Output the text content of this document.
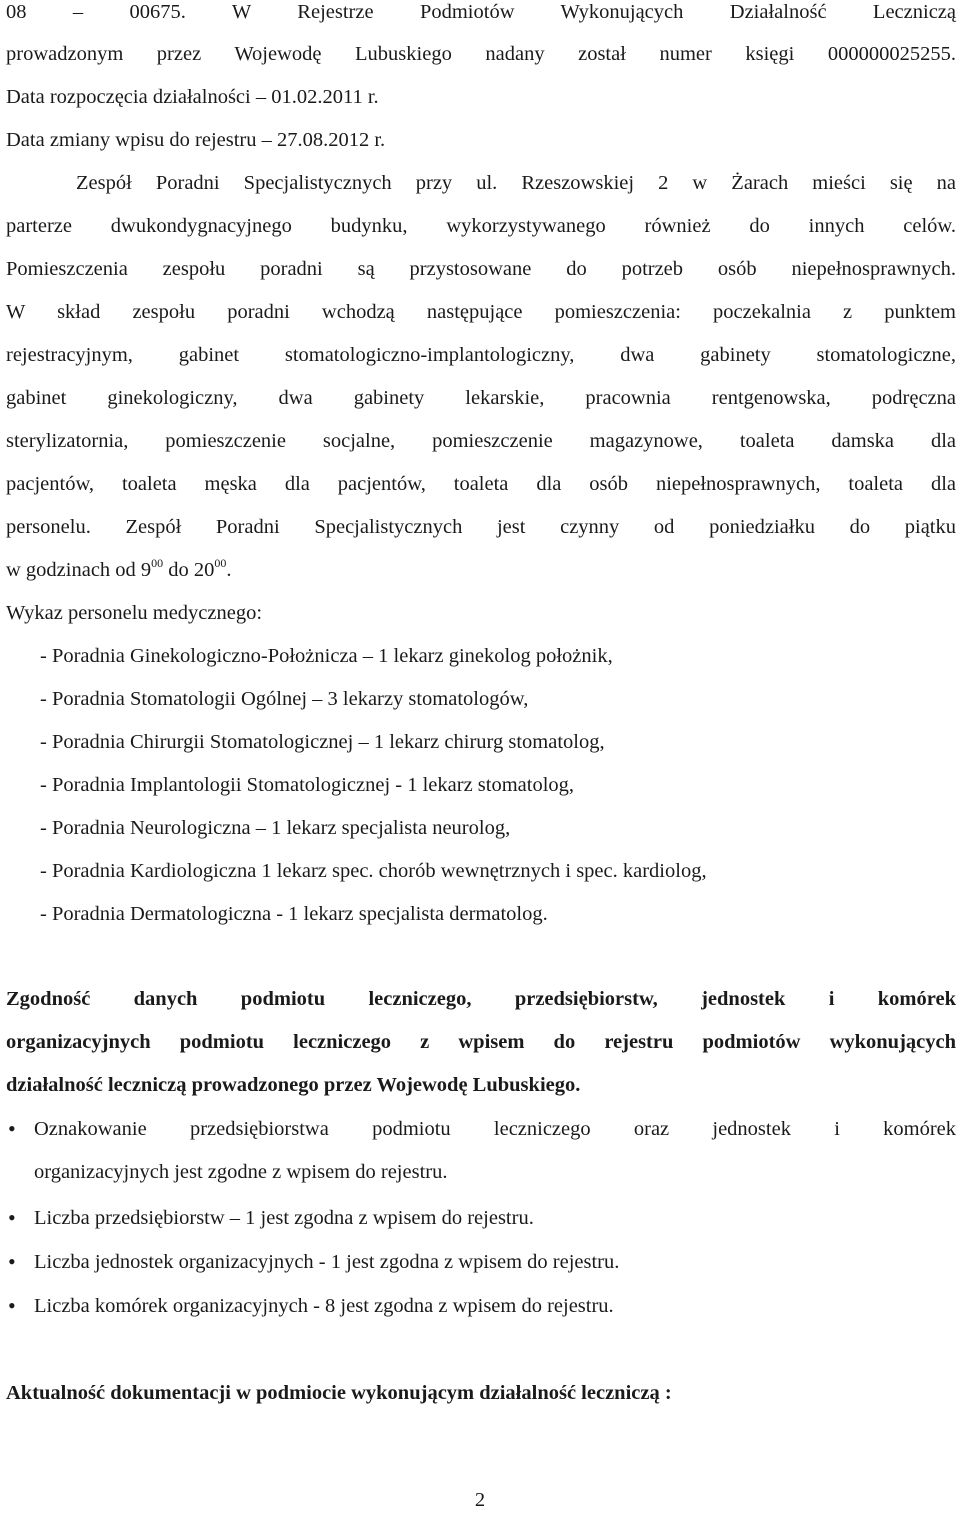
08 – 00675. W Rejestrze Podmiotów Wykonujących Działalność Leczniczą
prowadzonym przez Wojewodę Lubuskiego nadany został numer księgi 000000025255.
Data rozpoczęcia działalności – 01.02.2011 r.
Data zmiany wpisu do rejestru – 27.08.2012 r.
Zespół Poradni Specjalistycznych przy ul. Rzeszowskiej 2 w Żarach mieści się na
parterze dwukondygnacyjnego budynku, wykorzystywanego również do innych celów.
Pomieszczenia zespołu poradni są przystosowane do potrzeb osób niepełnosprawnych.
W skład zespołu poradni wchodzą następujące pomieszczenia: poczekalnia z punktem
rejestracyjnym, gabinet stomatologiczno-implantologiczny, dwa gabinety stomatologiczne,
gabinet ginekologiczny, dwa gabinety lekarskie, pracownia rentgenowska, podręczna
sterylizatornia, pomieszczenie socjalne, pomieszczenie magazynowe, toaleta damska dla
pacjentów, toaleta męska dla pacjentów, toaleta dla osób niepełnosprawnych, toaleta dla
personelu. Zespół Poradni Specjalistycznych jest czynny od poniedziałku do piątku
w godzinach od $9^{00}$ do $20^{00}$.
Wykaz personelu medycznego:
- Poradnia Ginekologiczno-Położnicza – 1 lekarz ginekolog położnik,
- Poradnia Stomatologii Ogólnej – 3 lekarzy stomatologów,
- Poradnia Chirurgii Stomatologicznej – 1 lekarz chirurg stomatolog,
- Poradnia Implantologii Stomatologicznej - 1 lekarz stomatolog,
- Poradnia Neurologiczna – 1 lekarz specjalista neurolog,
- Poradnia Kardiologiczna 1 lekarz spec. chorób wewnętrznych i spec. kardiolog,
- Poradnia Dermatologiczna - 1 lekarz specjalista dermatolog.
Zgodność danych podmiotu leczniczego, przedsiębiorstw, jednostek i komórek
organizacyjnych podmiotu leczniczego z wpisem do rejestru podmiotów wykonujących
działalność leczniczą prowadzonego przez Wojewodę Lubuskiego.
• Oznakowanie przedsiębiorstwa podmiotu leczniczego oraz jednostek i komórek
organizacyjnych jest zgodne z wpisem do rejestru.
• Liczba przedsiębiorstw – 1 jest zgodna z wpisem do rejestru.
• Liczba jednostek organizacyjnych - 1 jest zgodna z wpisem do rejestru.
• Liczba komórek organizacyjnych - 8 jest zgodna z wpisem do rejestru.
Aktualność dokumentacji w podmiocie wykonującym działalność leczniczą :
2
